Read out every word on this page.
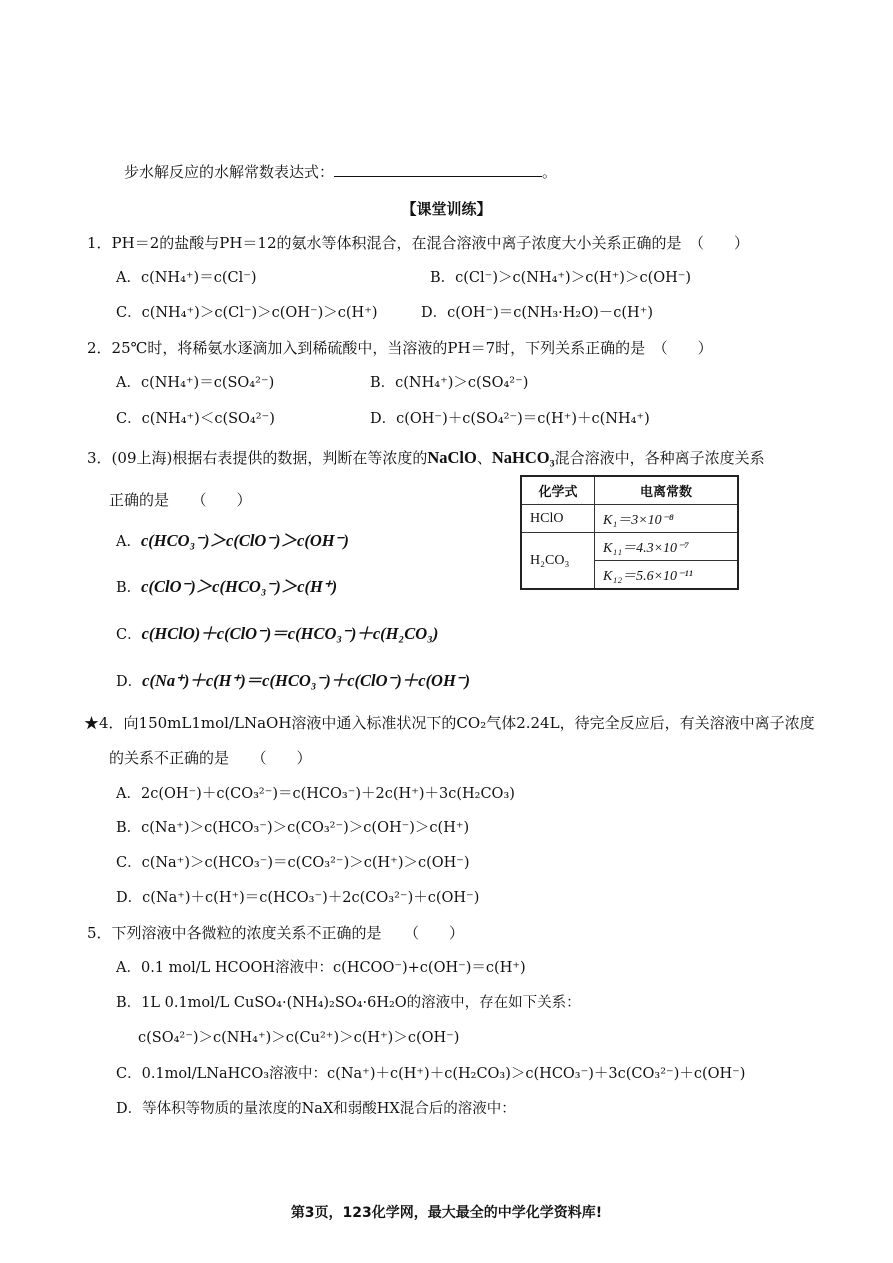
步水解反应的水解常数表达式：	。
【课堂训练】
1．PH＝2的盐酸与PH＝12的氨水等体积混合，在混合溶液中离子浓度大小关系正确的是　（　　）
A．c(NH₄⁺)＝c(Cl⁻)	B．c(Cl⁻)＞c(NH₄⁺)＞c(H⁺)＞c(OH⁻)
C．c(NH₄⁺)＞c(Cl⁻)＞c(OH⁻)＞c(H⁺)	D．c(OH⁻)＝c(NH₃·H₂O)－c(H⁺)
2．25℃时，将稀氨水逐滴加入到稀硫酸中，当溶液的PH＝7时，下列关系正确的是　（　　）
A．c(NH₄⁺)＝c(SO₄²⁻)	B．c(NH₄⁺)＞c(SO₄²⁻)
C．c(NH₄⁺)＜c(SO₄²⁻)	D．c(OH⁻)＋c(SO₄²⁻)＝c(H⁺)＋c(NH₄⁺)
3．(09上海)根据右表提供的数据，判断在等浓度的NaClO、NaHCO₃混合溶液中，各种离子浓度关系
正确的是　　（　　）
A．c(HCO₃⁻)＞c(ClO⁻)＞c(OH⁻)
B．c(ClO⁻)＞c(HCO₃⁻)＞c(H⁺)
C．c(HClO)＋c(ClO⁻)＝c(HCO₃⁻)＋c(H₂CO₃)
D．c(Na⁺)＋c(H⁺)＝c(HCO₃⁻)＋c(ClO⁻)＋c(OH⁻)
化学式	电离常数
HClO	K₁＝3×10⁻⁸
H₂CO₃	K₁₁＝4.3×10⁻⁷
	K₁₂＝5.6×10⁻¹¹
★4．向150mL1mol/LNaOH溶液中通入标准状况下的CO₂气体2.24L，待完全反应后，有关溶液中离子浓度
的关系不正确的是　　（　　）
A．2c(OH⁻)＋c(CO₃²⁻)＝c(HCO₃⁻)＋2c(H⁺)＋3c(H₂CO₃)
B．c(Na⁺)＞c(HCO₃⁻)＞c(CO₃²⁻)＞c(OH⁻)＞c(H⁺)
C．c(Na⁺)＞c(HCO₃⁻)＝c(CO₃²⁻)＞c(H⁺)＞c(OH⁻)
D．c(Na⁺)＋c(H⁺)＝c(HCO₃⁻)＋2c(CO₃²⁻)＋c(OH⁻)
5．下列溶液中各微粒的浓度关系不正确的是　　（　　）
A．0.1 mol/L HCOOH溶液中：c(HCOO⁻)+c(OH⁻)＝c(H⁺)
B．1L 0.1mol/L CuSO₄·(NH₄)₂SO₄·6H₂O的溶液中，存在如下关系：
c(SO₄²⁻)＞c(NH₄⁺)＞c(Cu²⁺)＞c(H⁺)＞c(OH⁻)
C．0.1mol/LNaHCO₃溶液中：c(Na⁺)＋c(H⁺)＋c(H₂CO₃)＞c(HCO₃⁻)＋3c(CO₃²⁻)＋c(OH⁻)
D．等体积等物质的量浓度的NaX和弱酸HX混合后的溶液中：
第3页，123化学网，最大最全的中学化学资料库!
